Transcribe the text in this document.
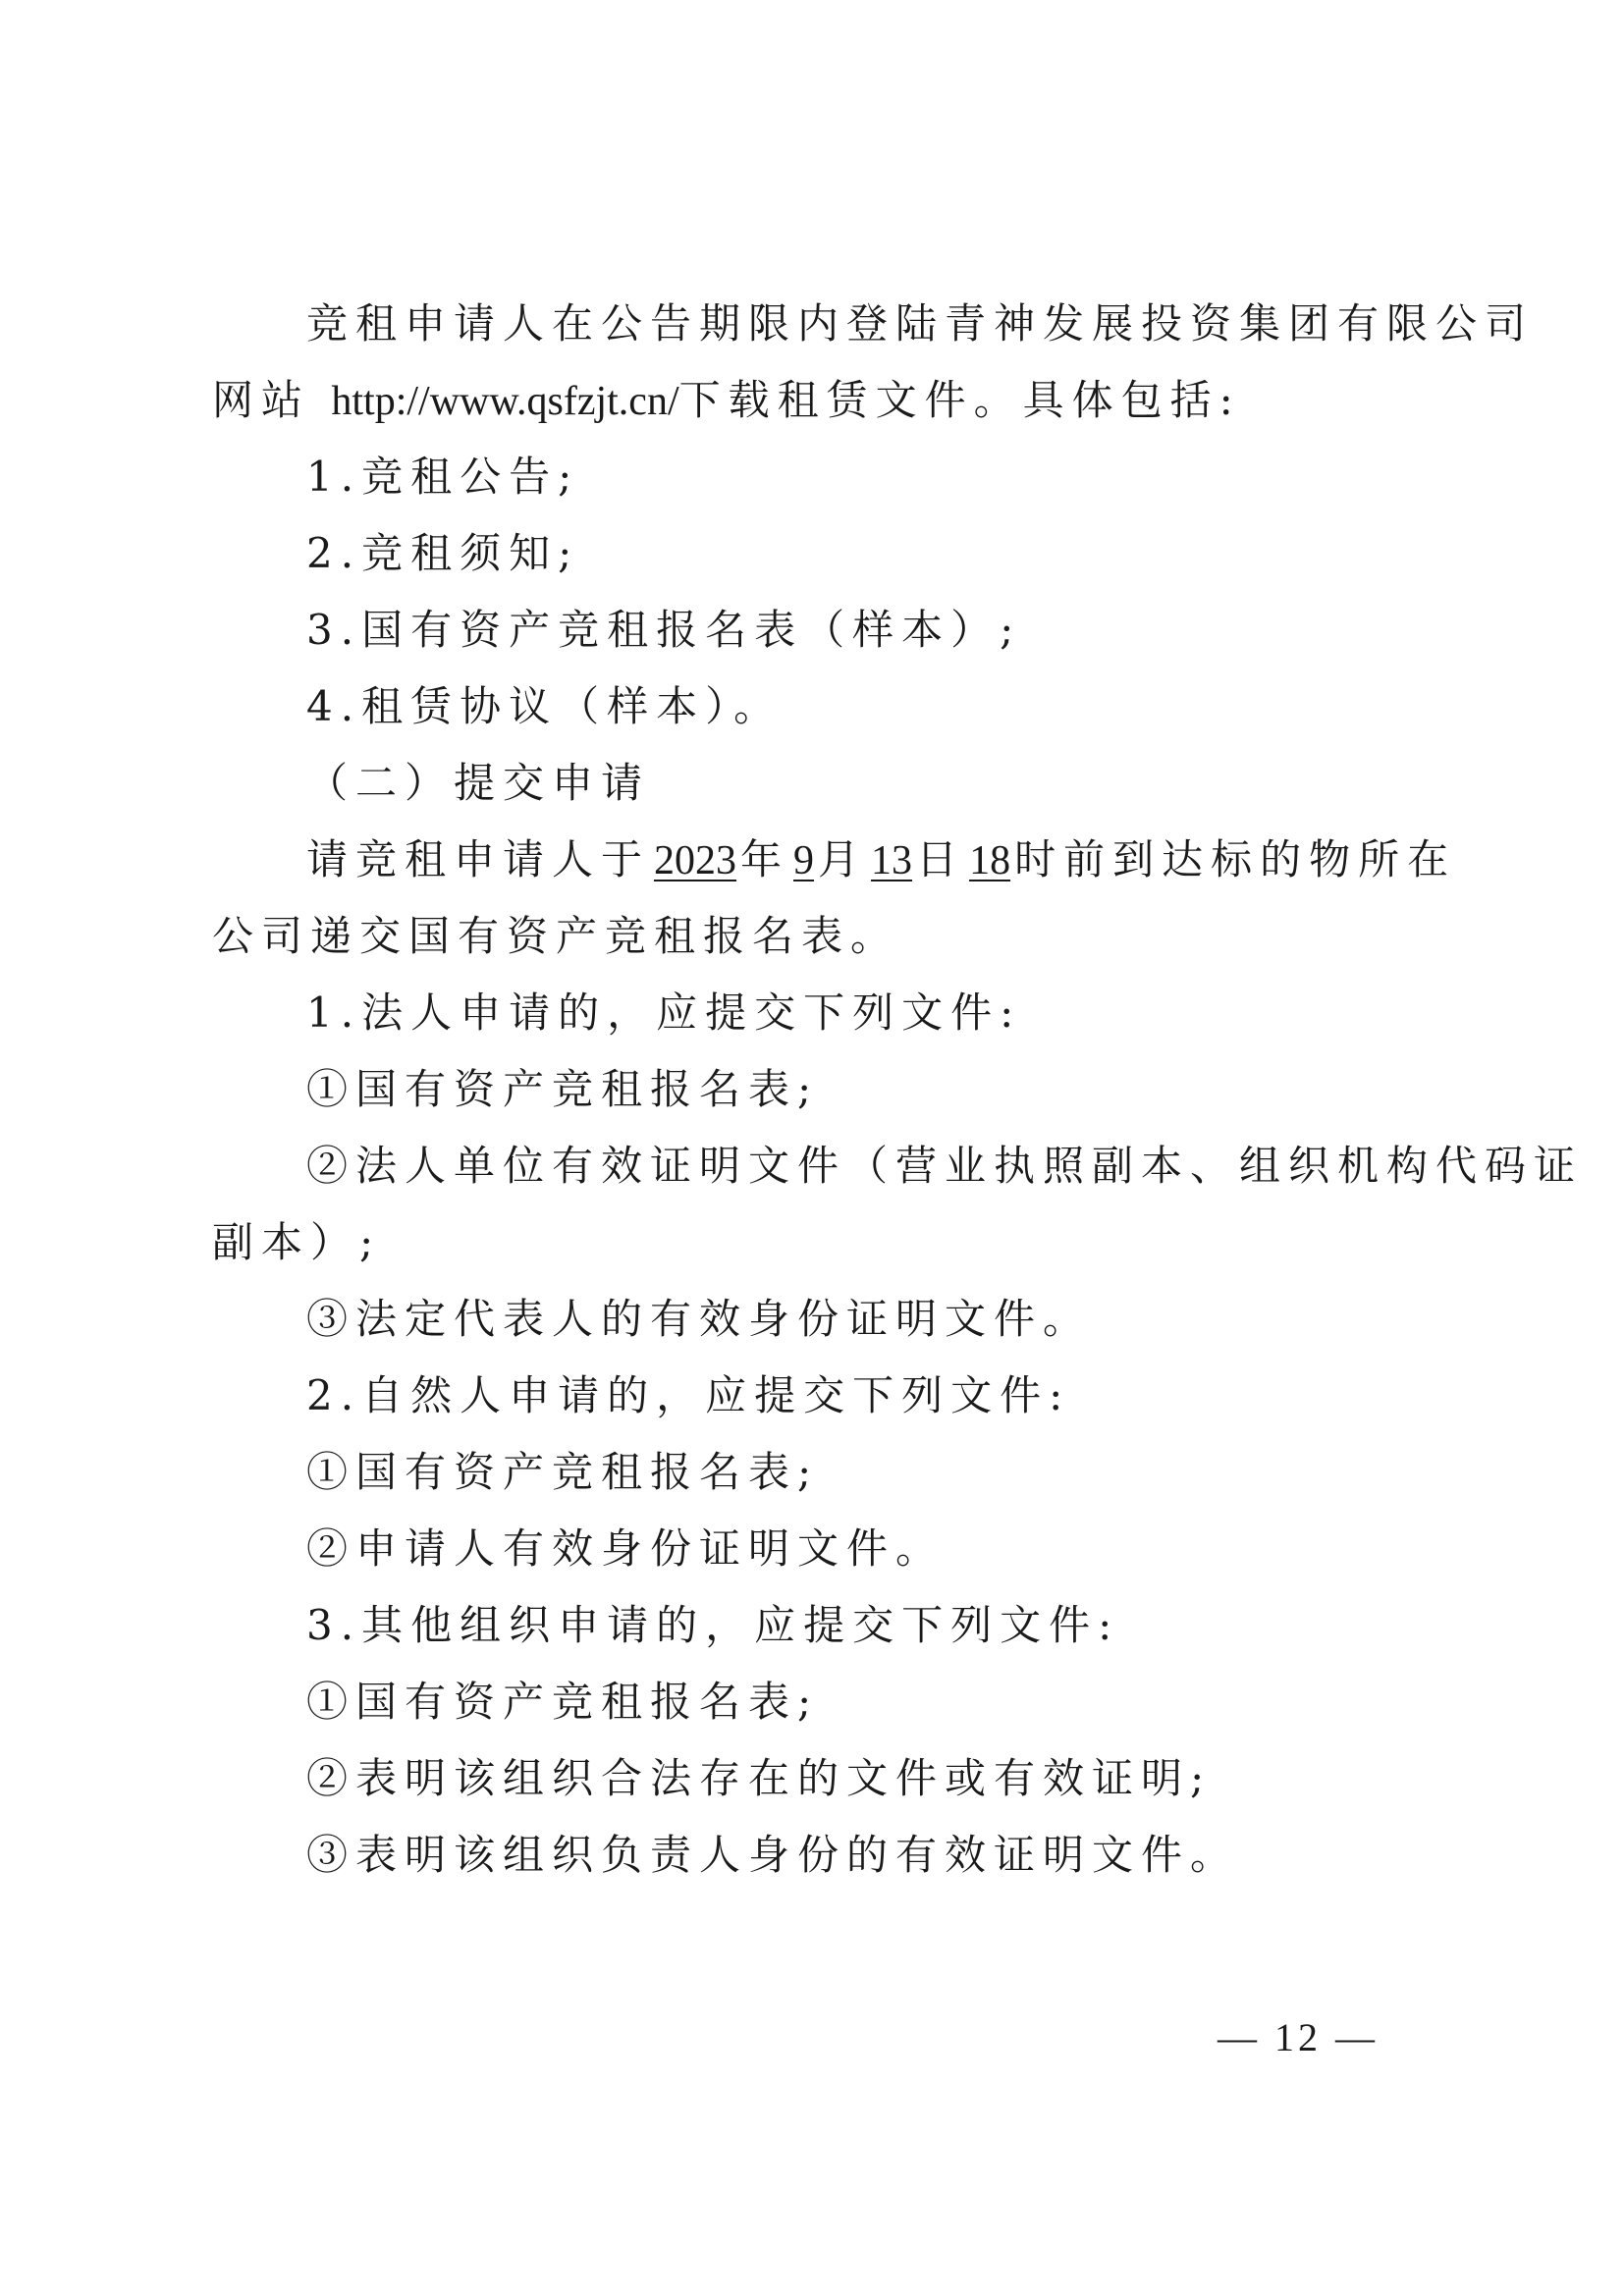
竞租申请人在公告期限内登陆青神发展投资集团有限公司
网站 http://www.qsfzjt.cn/下载租赁文件。具体包括:
1.竞租公告;
2.竞租须知;
3.国有资产竞租报名表（样本）;
4.租赁协议（样本）。
（二）提交申请
请竞租申请人于2023年9月13日18时前到达标的物所在
公司递交国有资产竞租报名表。
1.法人申请的，应提交下列文件:
①国有资产竞租报名表;
②法人单位有效证明文件（营业执照副本、组织机构代码证
副本）;
③法定代表人的有效身份证明文件。
2.自然人申请的，应提交下列文件:
①国有资产竞租报名表;
②申请人有效身份证明文件。
3.其他组织申请的，应提交下列文件:
①国有资产竞租报名表;
②表明该组织合法存在的文件或有效证明;
③表明该组织负责人身份的有效证明文件。
— 12 —
